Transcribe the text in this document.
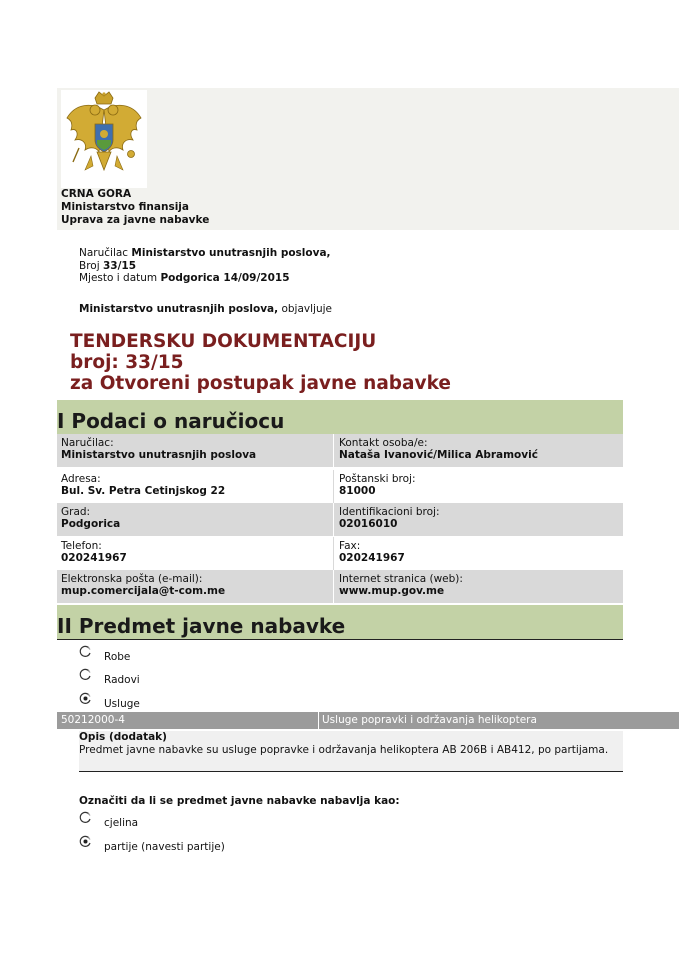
CRNA GORA
Ministarstvo finansija
Uprava za javne nabavke
Naručilac Ministarstvo unutrasnjih poslova,
Broj 33/15
Mjesto i datum Podgorica 14/09/2015
Ministarstvo unutrasnjih poslova, objavljuje
TENDERSKU DOKUMENTACIJU
broj: 33/15
za Otvoreni postupak javne nabavke
I Podaci o naručiocu
Naručilac:
Ministarstvo unutrasnjih poslova
Kontakt osoba/e:
Nataša Ivanović/Milica Abramović
Adresa:
Bul. Sv. Petra Cetinjskog 22
Poštanski broj:
81000
Grad:
Podgorica
Identifikacioni broj:
02016010
Telefon:
020241967
Fax:
020241967
Elektronska pošta (e-mail):
mup.comercijala@t-com.me
Internet stranica (web):
www.mup.gov.me
II Predmet javne nabavke
Robe
Radovi
Usluge
50212000-4	Usluge popravki i održavanja helikoptera
Opis (dodatak)
Predmet javne nabavke su usluge popravke i održavanja helikoptera AB 206B i AB412, po partijama.
Označiti da li se predmet javne nabavke nabavlja kao:
cjelina
partije (navesti partije)
